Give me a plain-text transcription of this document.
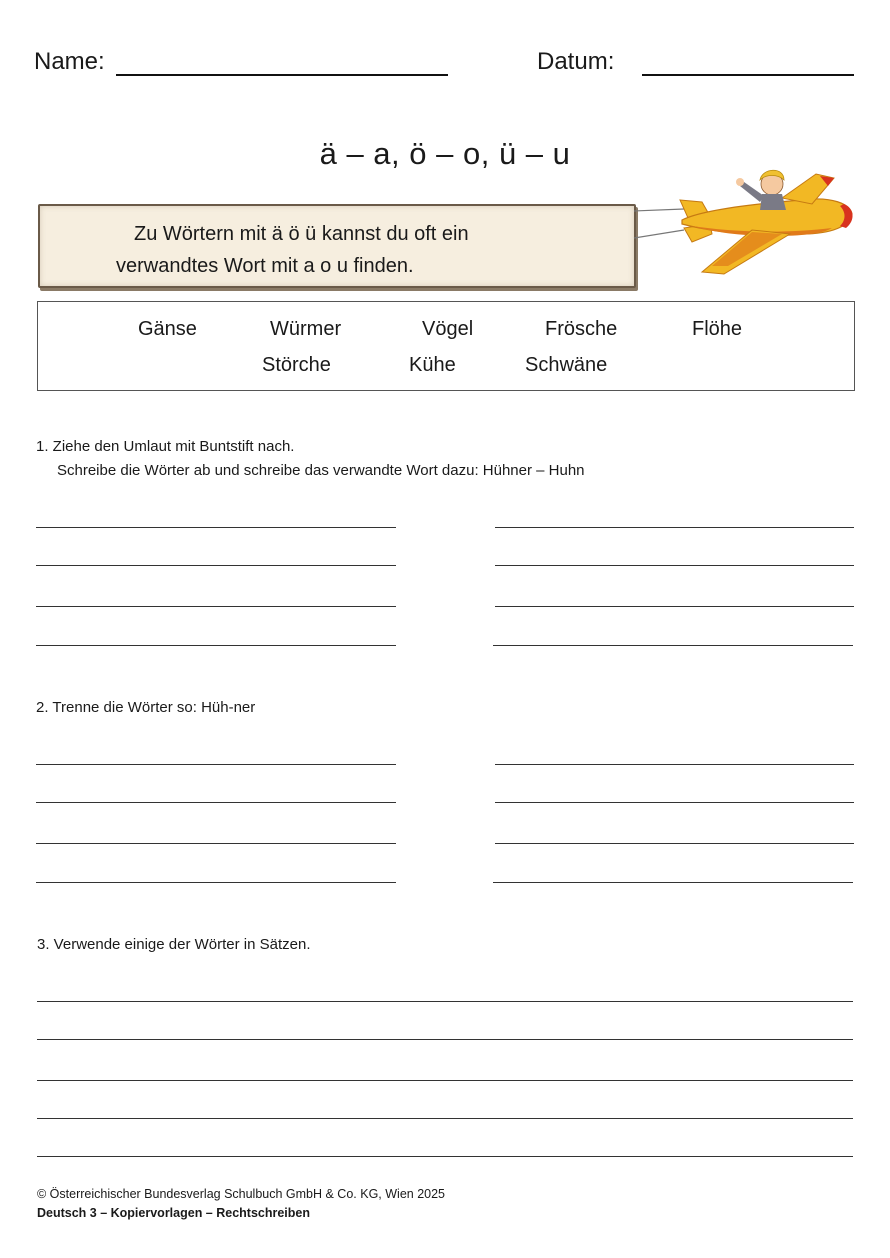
Name:	Datum:
ä – a, ö – o, ü – u
Zu Wörtern mit ä ö ü kannst du oft ein
verwandtes Wort mit a o u finden.
Gänse	Würmer	Vögel	Frösche	Flöhe
Störche	Kühe	Schwäne
1. Ziehe den Umlaut mit Buntstift nach.
Schreibe die Wörter ab und schreibe das verwandte Wort dazu: Hühner – Huhn
2. Trenne die Wörter so: Hüh-ner
3. Verwende einige der Wörter in Sätzen.
© Österreichischer Bundesverlag Schulbuch GmbH & Co. KG, Wien 2025
Deutsch 3 – Kopiervorlagen – Rechtschreiben
